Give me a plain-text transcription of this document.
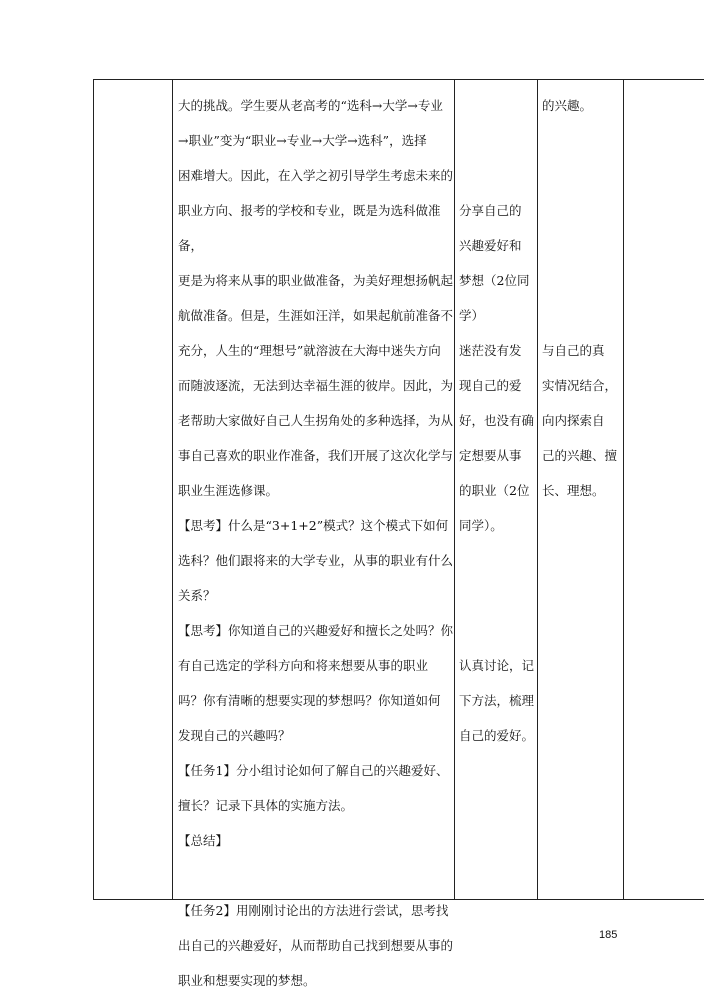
大的挑战。学生要从老高考的“选科→大学→专业

→职业”变为“职业→专业→大学→选科”，选择

困难增大。因此，在入学之初引导学生考虑未来的

职业方向、报考的学校和专业，既是为选科做准备，

更是为将来从事的职业做准备，为美好理想扬帆起

航做准备。但是，生涯如汪洋，如果起航前准备不

充分，人生的“理想号”就溶波在大海中迷失方向

而随波逐流，无法到达幸福生涯的彼岸。因此，为

老帮助大家做好自己人生拐角处的多种选择，为从

事自己喜欢的职业作准备，我们开展了这次化学与

职业生涯选修课。

【思考】什么是“3+1+2”模式？这个模式下如何

选科？他们跟将来的大学专业，从事的职业有什么

关系？

【思考】你知道自己的兴趣爱好和擅长之处吗？你

有自己选定的学科方向和将来想要从事的职业

吗？你有清晰的想要实现的梦想吗？你知道如何

发现自己的兴趣吗？

【任务1】分小组讨论如何了解自己的兴趣爱好、

擅长？记录下具体的实施方法。

【总结】

【任务2】用刚刚讨论出的方法进行尝试，思考找

出自己的兴趣爱好，从而帮助自己找到想要从事的

职业和想要实现的梦想。

分享自己的

兴趣爱好和

梦想（2位同

学）

迷茫没有发

现自己的爱

好，也没有确

定想要从事

的职业（2位

同学）。

认真讨论，记

下方法，梳理

自己的爱好。

的兴趣。

与自己的真

实情况结合，

向内探索自

己的兴趣、擅

长、理想。

185
